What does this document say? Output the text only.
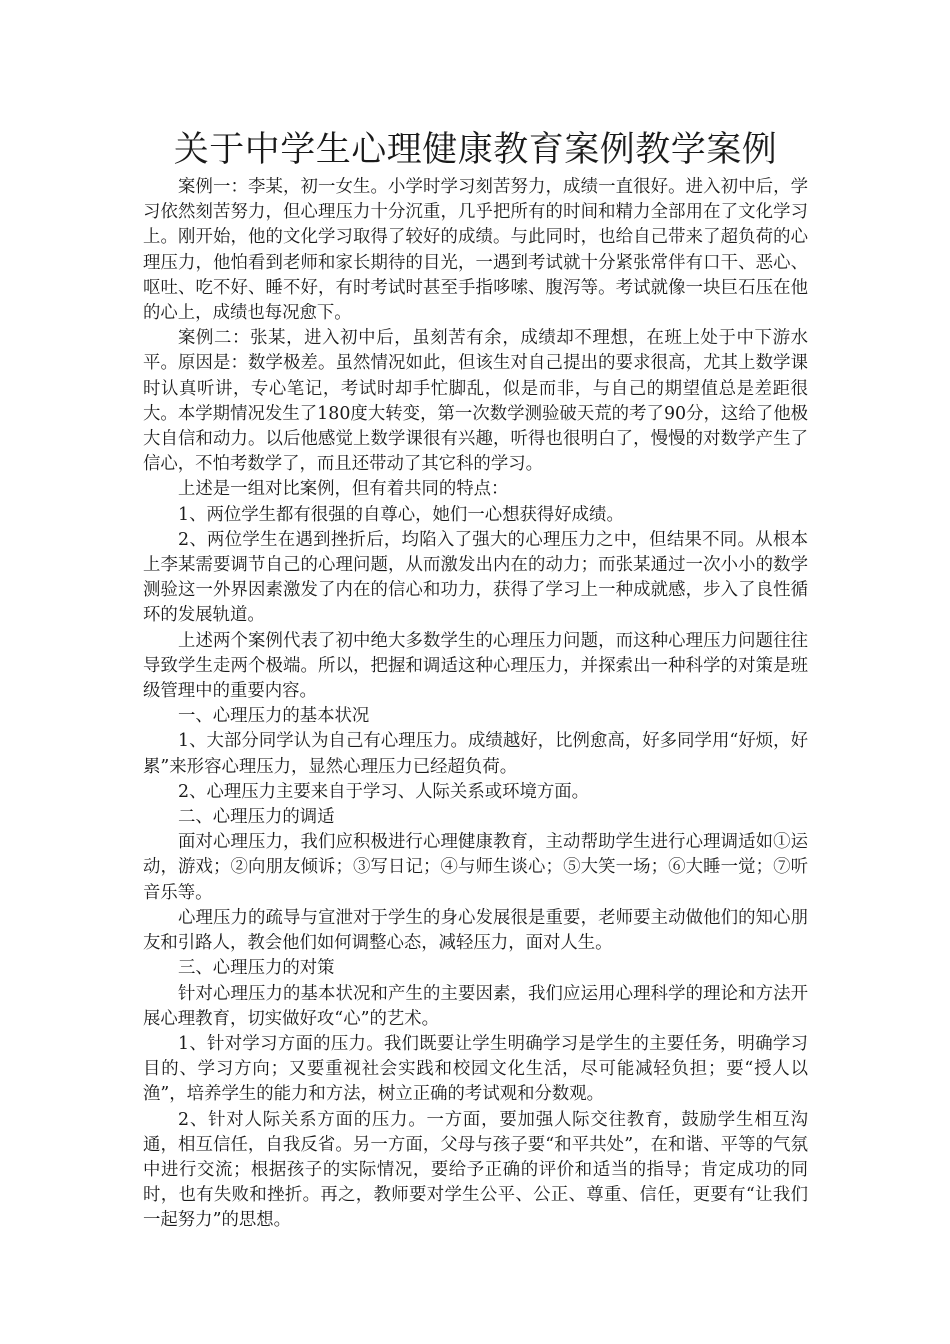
关于中学生心理健康教育案例教学案例

案例一：李某，初一女生。小学时学习刻苦努力，成绩一直很好。进入初中后，学习依然刻苦努力，但心理压力十分沉重，几乎把所有的时间和精力全部用在了文化学习上。刚开始，他的文化学习取得了较好的成绩。与此同时，也给自己带来了超负荷的心理压力，他怕看到老师和家长期待的目光，一遇到考试就十分紧张常伴有口干、恶心、呕吐、吃不好、睡不好，有时考试时甚至手指哆嗦、腹泻等。考试就像一块巨石压在他的心上，成绩也每况愈下。

案例二：张某，进入初中后，虽刻苦有余，成绩却不理想，在班上处于中下游水平。原因是：数学极差。虽然情况如此，但该生对自己提出的要求很高，尤其上数学课时认真听讲，专心笔记，考试时却手忙脚乱，似是而非，与自己的期望值总是差距很大。本学期情况发生了180度大转变，第一次数学测验破天荒的考了90分，这给了他极大自信和动力。以后他感觉上数学课很有兴趣，听得也很明白了，慢慢的对数学产生了信心，不怕考数学了，而且还带动了其它科的学习。

上述是一组对比案例，但有着共同的特点：

1、两位学生都有很强的自尊心，她们一心想获得好成绩。

2、两位学生在遇到挫折后，均陷入了强大的心理压力之中，但结果不同。从根本上李某需要调节自己的心理问题，从而激发出内在的动力；而张某通过一次小小的数学测验这一外界因素激发了内在的信心和功力，获得了学习上一种成就感，步入了良性循环的发展轨道。

上述两个案例代表了初中绝大多数学生的心理压力问题，而这种心理压力问题往往导致学生走两个极端。所以，把握和调适这种心理压力，并探索出一种科学的对策是班级管理中的重要内容。

一、心理压力的基本状况

1、大部分同学认为自己有心理压力。成绩越好，比例愈高，好多同学用“好烦，好累”来形容心理压力，显然心理压力已经超负荷。

2、心理压力主要来自于学习、人际关系或环境方面。

二、心理压力的调适

面对心理压力，我们应积极进行心理健康教育，主动帮助学生进行心理调适如①运动，游戏；②向朋友倾诉；③写日记；④与师生谈心；⑤大笑一场；⑥大睡一觉；⑦听音乐等。

心理压力的疏导与宣泄对于学生的身心发展很是重要，老师要主动做他们的知心朋友和引路人，教会他们如何调整心态，减轻压力，面对人生。

三、心理压力的对策

针对心理压力的基本状况和产生的主要因素，我们应运用心理科学的理论和方法开展心理教育，切实做好攻“心”的艺术。

1、针对学习方面的压力。我们既要让学生明确学习是学生的主要任务，明确学习目的、学习方向；又要重视社会实践和校园文化生活，尽可能减轻负担；要“授人以渔”，培养学生的能力和方法，树立正确的考试观和分数观。

2、针对人际关系方面的压力。一方面，要加强人际交往教育，鼓励学生相互沟通，相互信任，自我反省。另一方面，父母与孩子要“和平共处”，在和谐、平等的气氛中进行交流；根据孩子的实际情况，要给予正确的评价和适当的指导；肯定成功的同时，也有失败和挫折。再之，教师要对学生公平、公正、尊重、信任，更要有“让我们一起努力”的思想。
